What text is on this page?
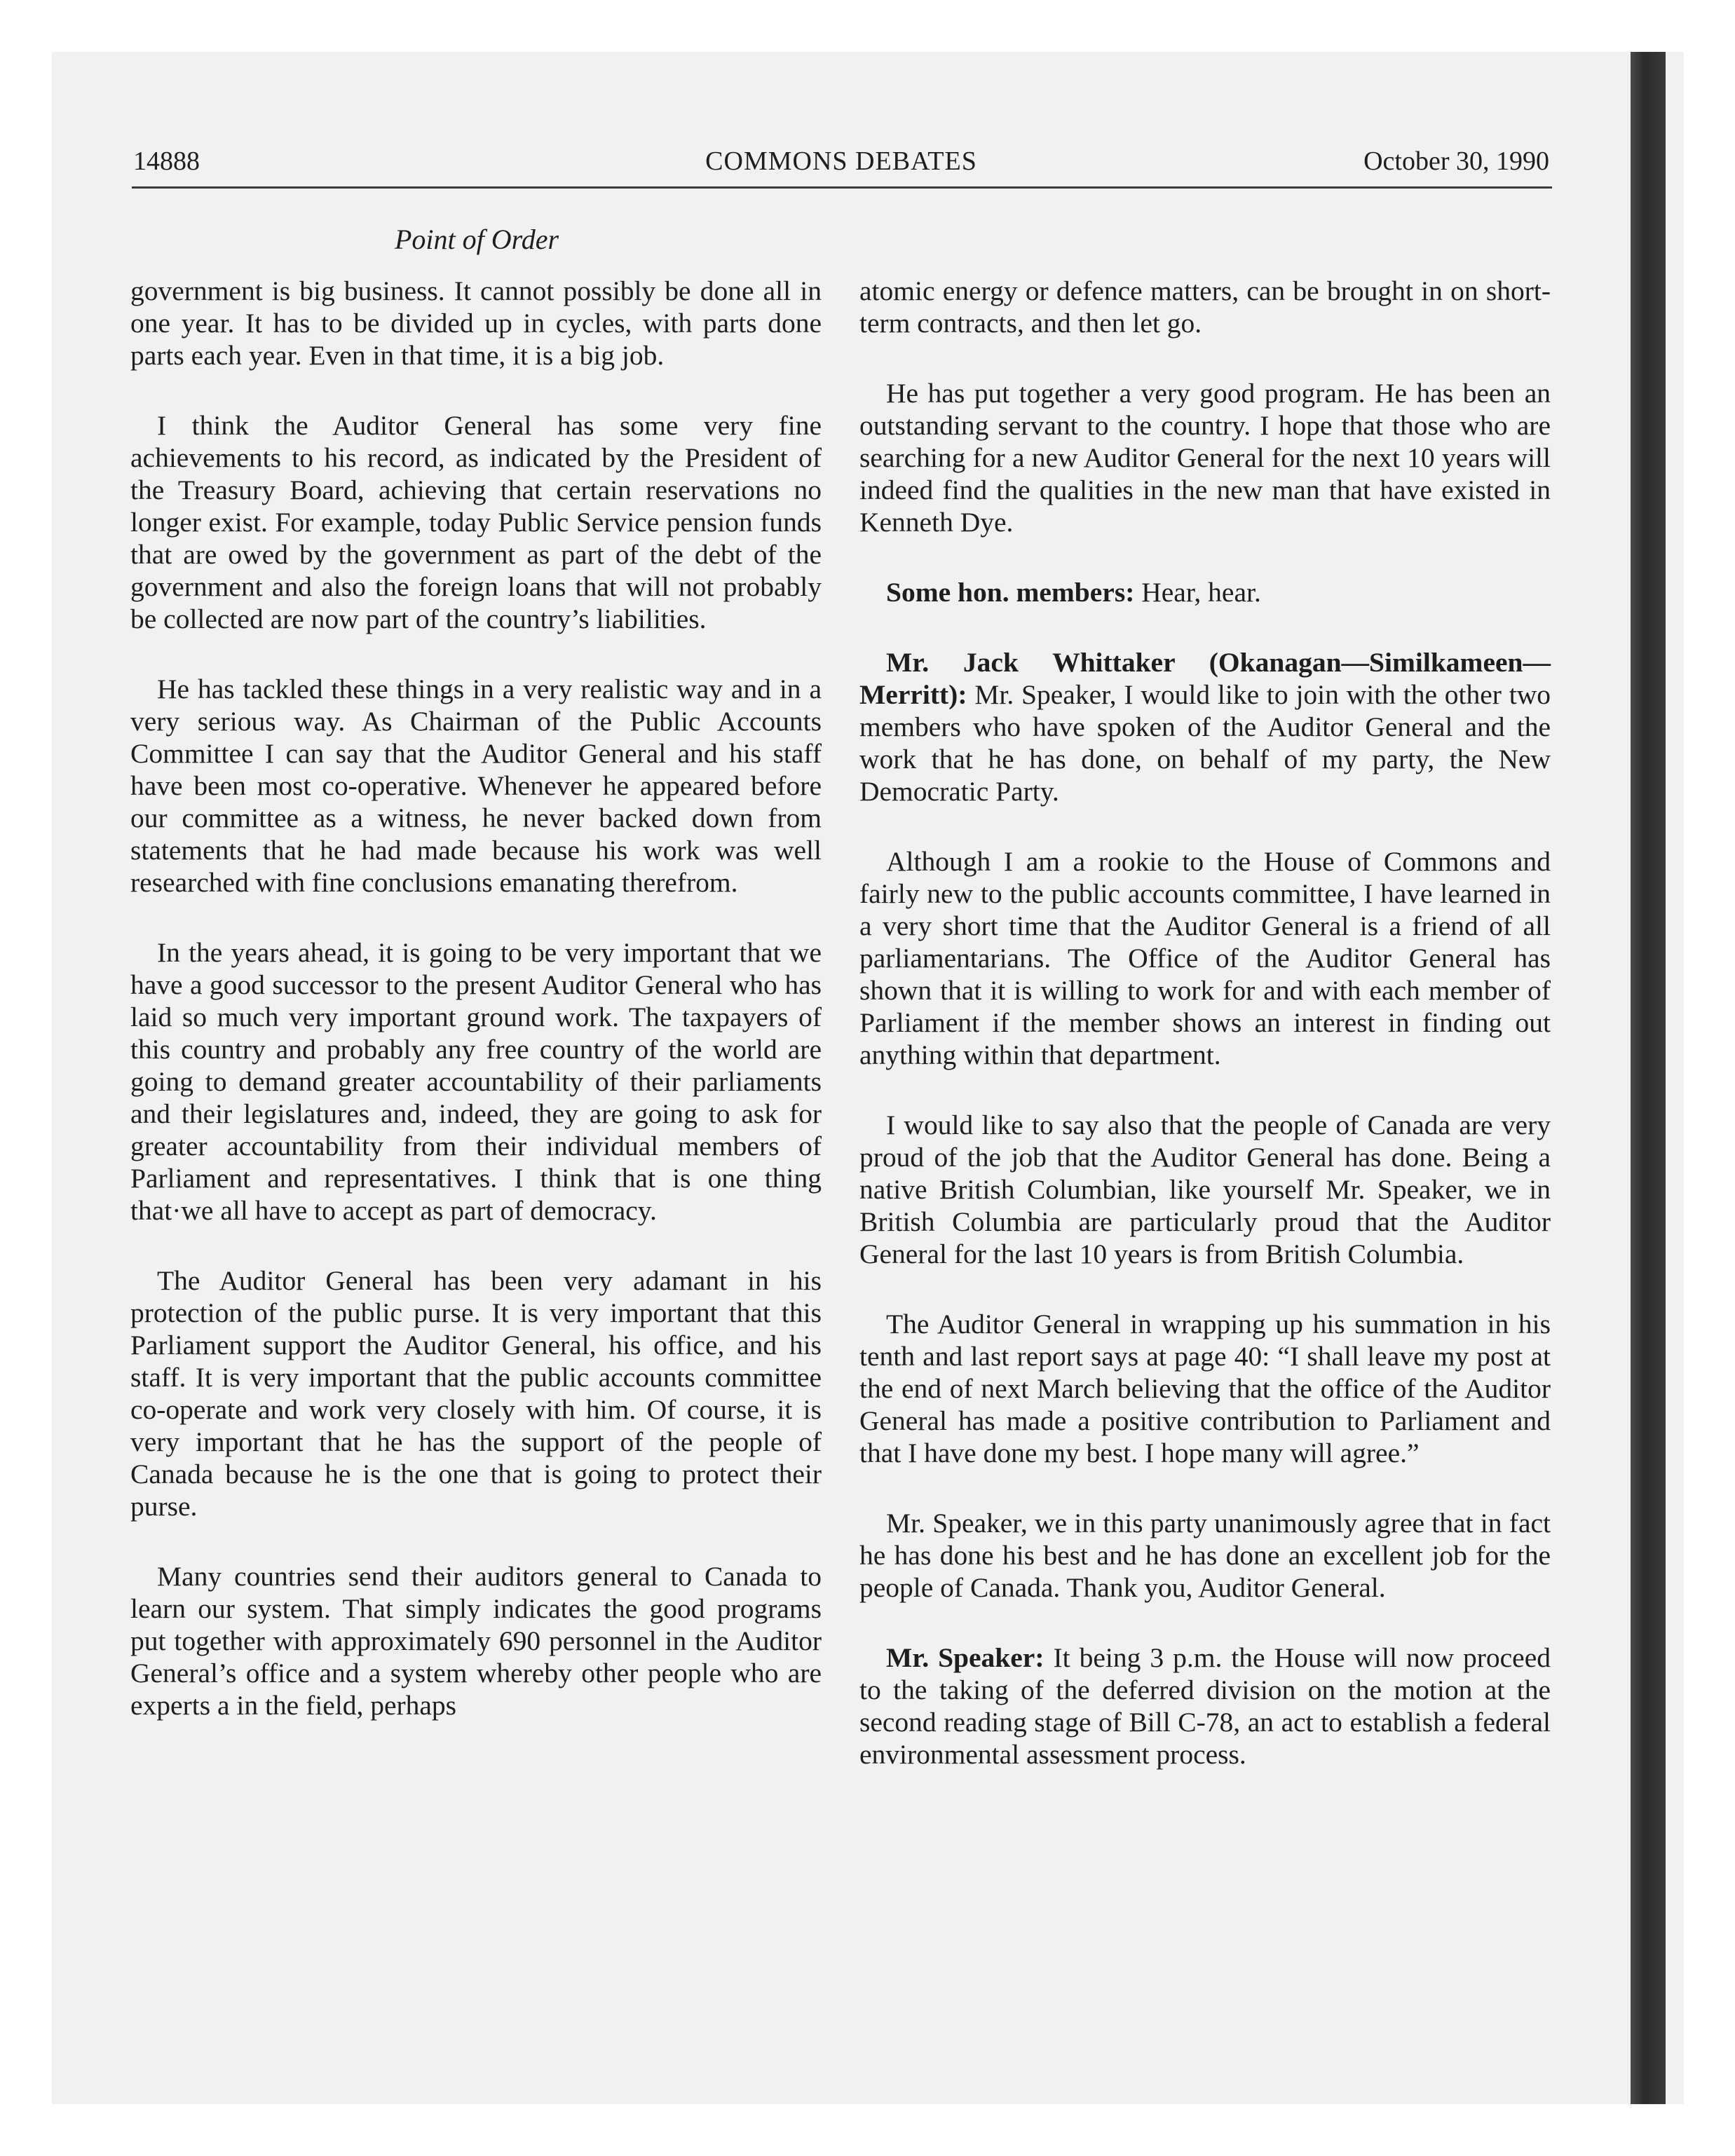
14888	COMMONS DEBATES	October 30, 1990
Point of Order

government is big business. It cannot possibly be done all in one year. It has to be divided up in cycles, with parts done parts each year. Even in that time, it is a big job.

I think the Auditor General has some very fine achievements to his record, as indicated by the President of the Treasury Board, achieving that certain reservations no longer exist. For example, today Public Service pension funds that are owed by the government as part of the debt of the government and also the foreign loans that will not probably be collected are now part of the country’s liabilities.

He has tackled these things in a very realistic way and in a very serious way. As Chairman of the Public Accounts Committee I can say that the Auditor General and his staff have been most co-operative. Whenever he appeared before our committee as a witness, he never backed down from statements that he had made because his work was well researched with fine conclusions emanating therefrom.

In the years ahead, it is going to be very important that we have a good successor to the present Auditor General who has laid so much very important ground work. The taxpayers of this country and probably any free country of the world are going to demand greater accountability of their parliaments and their legislatures and, indeed, they are going to ask for greater accountability from their individual members of Parliament and representatives. I think that is one thing that·we all have to accept as part of democracy.

The Auditor General has been very adamant in his protection of the public purse. It is very important that this Parliament support the Auditor General, his office, and his staff. It is very important that the public accounts committee co-operate and work very closely with him. Of course, it is very important that he has the support of the people of Canada because he is the one that is going to protect their purse.

Many countries send their auditors general to Canada to learn our system. That simply indicates the good programs put together with approximately 690 personnel in the Auditor General’s office and a system whereby other people who are experts a in the field, perhaps

atomic energy or defence matters, can be brought in on short-term contracts, and then let go.

He has put together a very good program. He has been an outstanding servant to the country. I hope that those who are searching for a new Auditor General for the next 10 years will indeed find the qualities in the new man that have existed in Kenneth Dye.

Some hon. members: Hear, hear.

Mr. Jack Whittaker (Okanagan—Similkameen—Merritt): Mr. Speaker, I would like to join with the other two members who have spoken of the Auditor General and the work that he has done, on behalf of my party, the New Democratic Party.

Although I am a rookie to the House of Commons and fairly new to the public accounts committee, I have learned in a very short time that the Auditor General is a friend of all parliamentarians. The Office of the Auditor General has shown that it is willing to work for and with each member of Parliament if the member shows an interest in finding out anything within that department.

I would like to say also that the people of Canada are very proud of the job that the Auditor General has done. Being a native British Columbian, like yourself Mr. Speaker, we in British Columbia are particularly proud that the Auditor General for the last 10 years is from British Columbia.

The Auditor General in wrapping up his summation in his tenth and last report says at page 40: “I shall leave my post at the end of next March believing that the office of the Auditor General has made a positive contribution to Parliament and that I have done my best. I hope many will agree.”

Mr. Speaker, we in this party unanimously agree that in fact he has done his best and he has done an excellent job for the people of Canada. Thank you, Auditor General.

Mr. Speaker: It being 3 p.m. the House will now proceed to the taking of the deferred division on the motion at the second reading stage of Bill C-78, an act to establish a federal environmental assessment process.
